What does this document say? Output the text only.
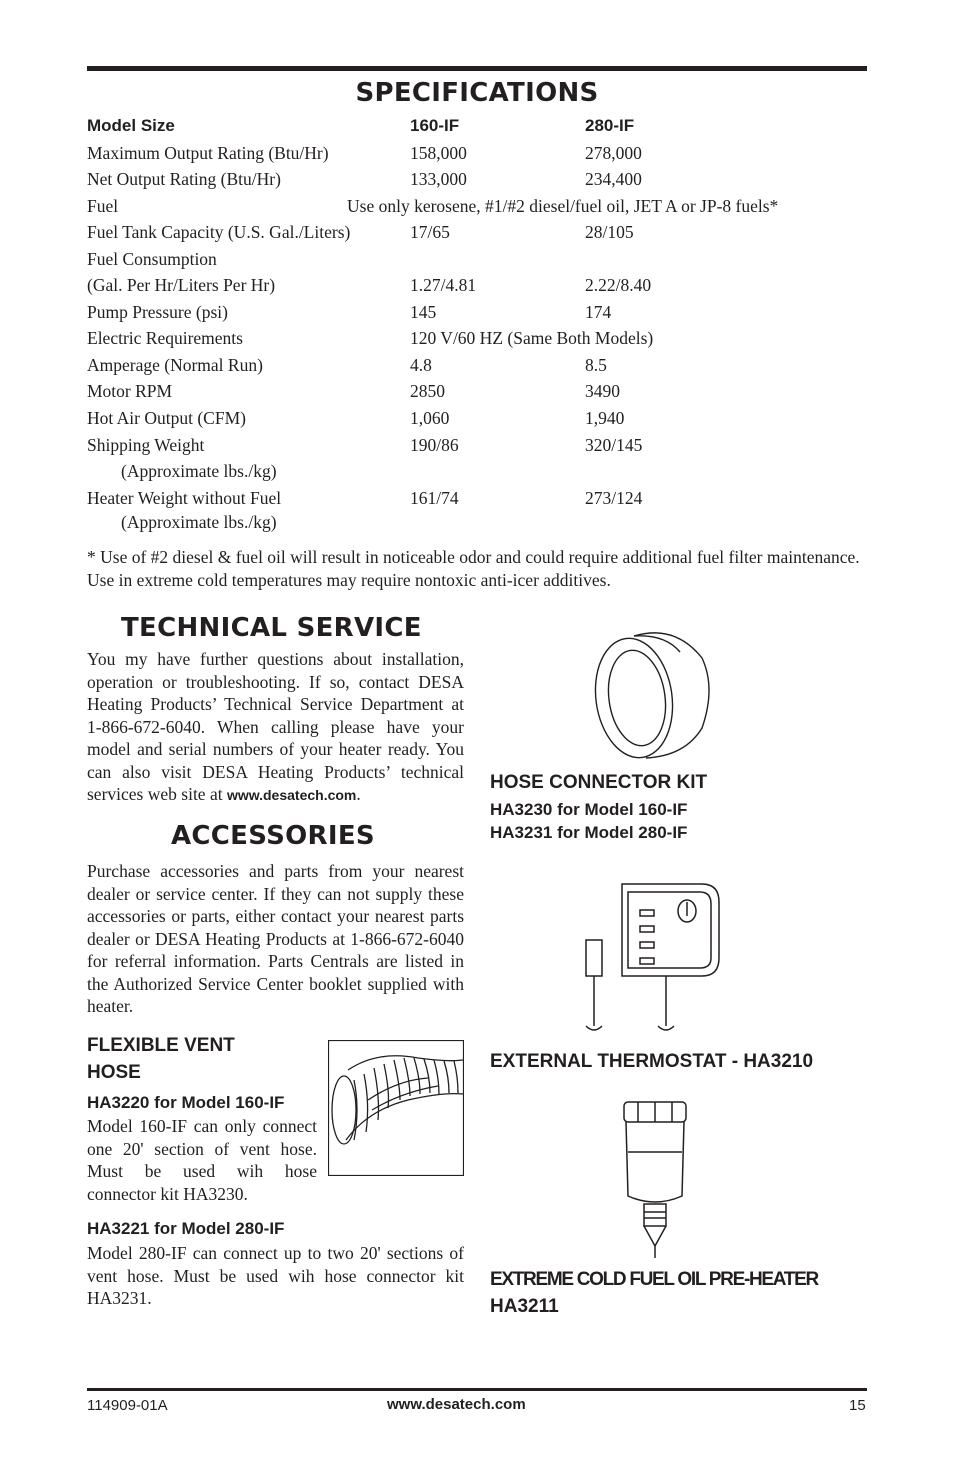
SPECIFICATIONS
Model Size	160-IF	280-IF
Maximum Output Rating (Btu/Hr)	158,000	278,000
Net Output Rating (Btu/Hr)	133,000	234,400
Fuel	Use only kerosene, #1/#2 diesel/fuel oil, JET A or JP-8 fuels*
Fuel Tank Capacity (U.S. Gal./Liters)	17/65	28/105
Fuel Consumption
(Gal. Per Hr/Liters Per Hr)	1.27/4.81	2.22/8.40
Pump Pressure (psi)	145	174
Electric Requirements	120 V/60 HZ (Same Both Models)
Amperage (Normal Run)	4.8	8.5
Motor RPM	2850	3490
Hot Air Output (CFM)	1,060	1,940
Shipping Weight	190/86	320/145
(Approximate lbs./kg)
Heater Weight without Fuel	161/74	273/124
(Approximate lbs./kg)
* Use of #2 diesel & fuel oil will result in noticeable odor and could require additional fuel filter maintenance. Use in extreme cold temperatures may require nontoxic anti-icer additives.
TECHNICAL SERVICE
You my have further questions about installation, operation or troubleshooting. If so, contact DESA Heating Products’ Technical Service Department at 1-866-672-6040. When calling please have your model and serial numbers of your heater ready. You can also visit DESA Heating Products’ technical services web site at www.desatech.com.
ACCESSORIES
Purchase accessories and parts from your nearest dealer or service center. If they can not supply these accessories or parts, either contact your nearest parts dealer or DESA Heating Products at 1-866-672-6040 for referral information. Parts Centrals are listed in the Authorized Service Center booklet supplied with heater.
FLEXIBLE VENT HOSE
HA3220 for Model 160-IF
Model 160-IF can only connect one 20' section of vent hose. Must be used wih hose connector kit HA3230.
HA3221 for Model 280-IF
Model 280-IF can connect up to two 20' sections of vent hose. Must be used wih hose connector kit HA3231.
HOSE CONNECTOR KIT
HA3230 for Model 160-IF
HA3231 for Model 280-IF
EXTERNAL THERMOSTAT - HA3210
EXTREME COLD FUEL OIL PRE-HEATER
HA3211
114909-01A	www.desatech.com	15
